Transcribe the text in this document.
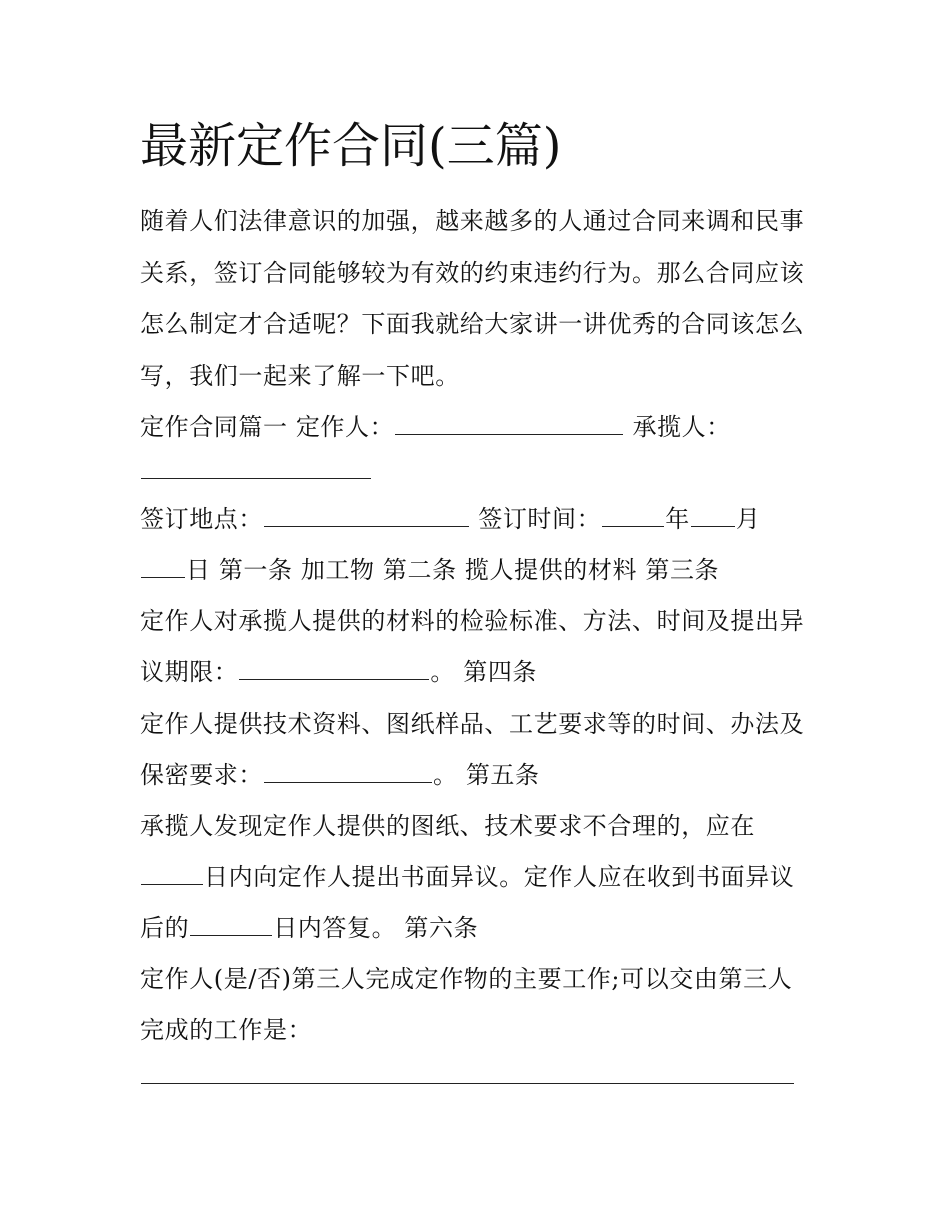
最新定作合同(三篇)
随着人们法律意识的加强，越来越多的人通过合同来调和民事
关系，签订合同能够较为有效的约束违约行为。那么合同应该
怎么制定才合适呢？下面我就给大家讲一讲优秀的合同该怎么
写，我们一起来了解一下吧。
定作合同篇一 定作人：	承揽人：
签订地点：	签订时间：	年 月
日 第一条 加工物 第二条 揽人提供的材料 第三条
定作人对承揽人提供的材料的检验标准、方法、时间及提出异
议期限：	。 第四条
定作人提供技术资料、图纸样品、工艺要求等的时间、办法及
保密要求：	。 第五条
承揽人发现定作人提供的图纸、技术要求不合理的，应在
日内向定作人提出书面异议。定作人应在收到书面异议
后的	日内答复。 第六条
定作人(是/否)第三人完成定作物的主要工作;可以交由第三人
完成的工作是：
